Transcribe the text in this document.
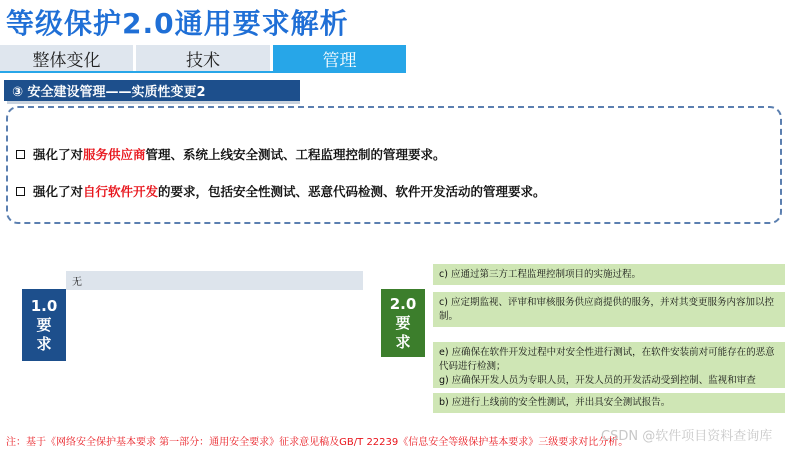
等级保护2.0通用要求解析
整体变化	技术	管理
③ 安全建设管理——实质性变更2
强化了对 服务供应商 管理、系统上线安全测试、工程监理控制的管理要求。
强化了对 自行软件开发 的要求，包括安全性测试、恶意代码检测、软件开发活动的管理要求。
1.0
要
求
无
2.0
要
求
c) 应通过第三方工程监理控制项目的实施过程。
c) 应定期监视、评审和审核服务供应商提供的服务，并对其变更服务内容加以控制。
e) 应确保在软件开发过程中对安全性进行测试，在软件安装前对可能存在的恶意代码进行检测；
g) 应确保开发人员为专职人员，开发人员的开发活动受到控制、监视和审查
b) 应进行上线前的安全性测试，并出具安全测试报告。
注：基于《网络安全保护基本要求 第一部分：通用安全要求》征求意见稿及GB/T 22239《信息安全等级保护基本要求》三级要求对比分析。
CSDN @软件项目资料查询库
